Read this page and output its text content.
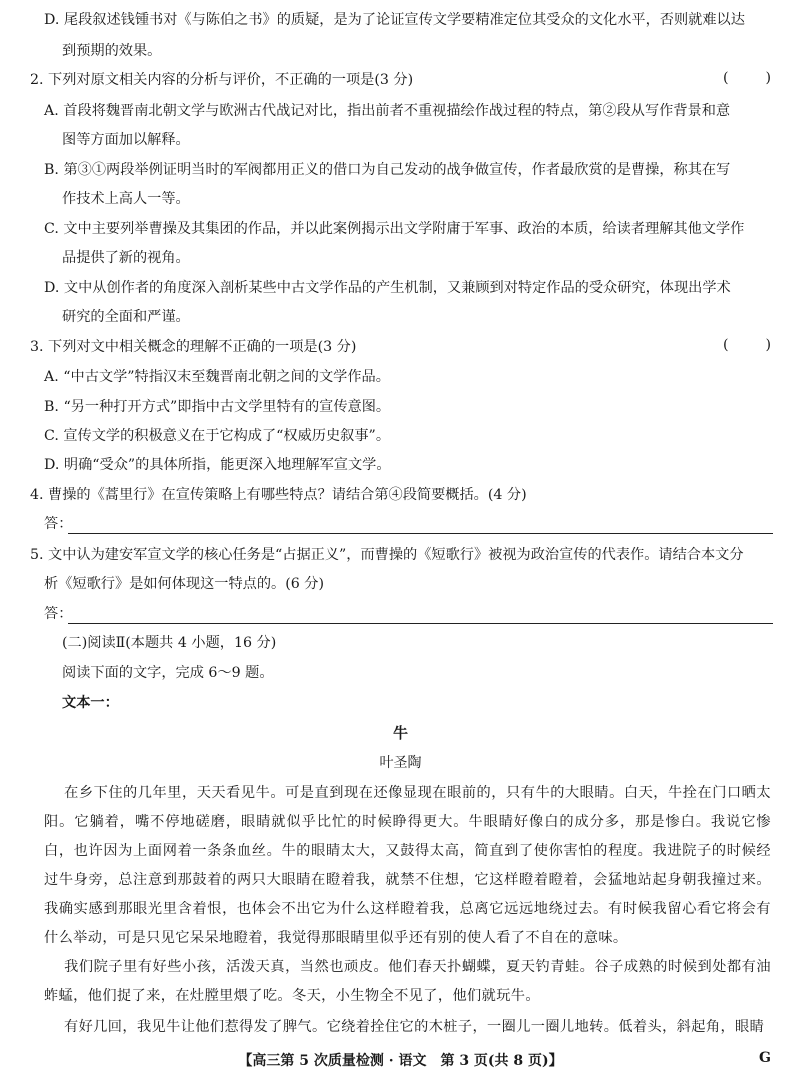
D. 尾段叙述钱锺书对《与陈伯之书》的质疑，是为了论证宣传文学要精准定位其受众的文化水平，否则就难以达
到预期的效果。
2. 下列对原文相关内容的分析与评价，不正确的一项是(3 分)	(	)
A. 首段将魏晋南北朝文学与欧洲古代战记对比，指出前者不重视描绘作战过程的特点，第②段从写作背景和意
图等方面加以解释。
B. 第③①两段举例证明当时的军阀都用正义的借口为自己发动的战争做宣传，作者最欣赏的是曹操，称其在写
作技术上高人一等。
C. 文中主要列举曹操及其集团的作品，并以此案例揭示出文学附庸于军事、政治的本质，给读者理解其他文学作
品提供了新的视角。
D. 文中从创作者的角度深入剖析某些中古文学作品的产生机制，又兼顾到对特定作品的受众研究，体现出学术
研究的全面和严谨。
3. 下列对文中相关概念的理解不正确的一项是(3 分)	(	)
A. “中古文学”特指汉末至魏晋南北朝之间的文学作品。
B. “另一种打开方式”即指中古文学里特有的宣传意图。
C. 宣传文学的积极意义在于它构成了“权威历史叙事”。
D. 明确“受众”的具体所指，能更深入地理解军宣文学。
4. 曹操的《蒿里行》在宣传策略上有哪些特点？请结合第④段简要概括。(4 分)
答：
5. 文中认为建安军宣文学的核心任务是“占据正义”，而曹操的《短歌行》被视为政治宣传的代表作。请结合本文分
析《短歌行》是如何体现这一特点的。(6 分)
答：
(二)阅读Ⅱ(本题共 4 小题，16 分)
阅读下面的文字，完成 6～9 题。
文本一：
牛
叶圣陶
在乡下住的几年里，天天看见牛。可是直到现在还像显现在眼前的，只有牛的大眼睛。白天，牛拴在门口晒太阳。它躺着，嘴不停地磋磨，眼睛就似乎比忙的时候睁得更大。牛眼睛好像白的成分多，那是惨白。我说它惨白，也许因为上面网着一条条血丝。牛的眼睛太大，又鼓得太高，简直到了使你害怕的程度。我进院子的时候经过牛身旁，总注意到那鼓着的两只大眼睛在瞪着我，就禁不住想，它这样瞪着瞪着，会猛地站起身朝我撞过来。我确实感到那眼光里含着恨，也体会不出它为什么这样瞪着我，总离它远远地绕过去。有时候我留心看它将会有什么举动，可是只见它呆呆地瞪着，我觉得那眼睛里似乎还有别的使人看了不自在的意味。
我们院子里有好些小孩，活泼天真，当然也顽皮。他们春天扑蝴蝶，夏天钓青蛙。谷子成熟的时候到处都有油蚱蜢，他们捉了来，在灶膛里煨了吃。冬天，小生物全不见了，他们就玩牛。
有好几回，我见牛让他们惹得发了脾气。它绕着拴住它的木桩子，一圈儿一圈儿地转。低着头，斜起角，眼睛
【高三第 5 次质量检测 · 语文　第 3 页(共 8 页)】	G
